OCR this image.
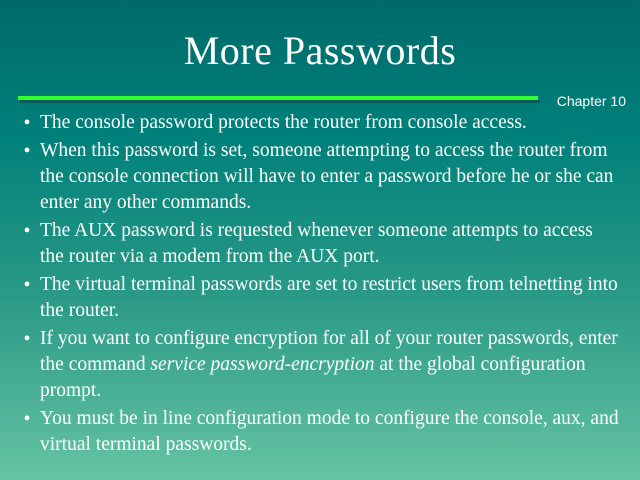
More Passwords
Chapter 10
• The console password protects the router from console access.
• When this password is set, someone attempting to access the router from the console connection will have to enter a password before he or she can enter any other commands.
• The AUX password is requested whenever someone attempts to access the router via a modem from the AUX port.
• The virtual terminal passwords are set to restrict users from telnetting into the router.
• If you want to configure encryption for all of your router passwords, enter the command service password-encryption at the global configuration prompt.
• You must be in line configuration mode to configure the console, aux, and virtual terminal passwords.
